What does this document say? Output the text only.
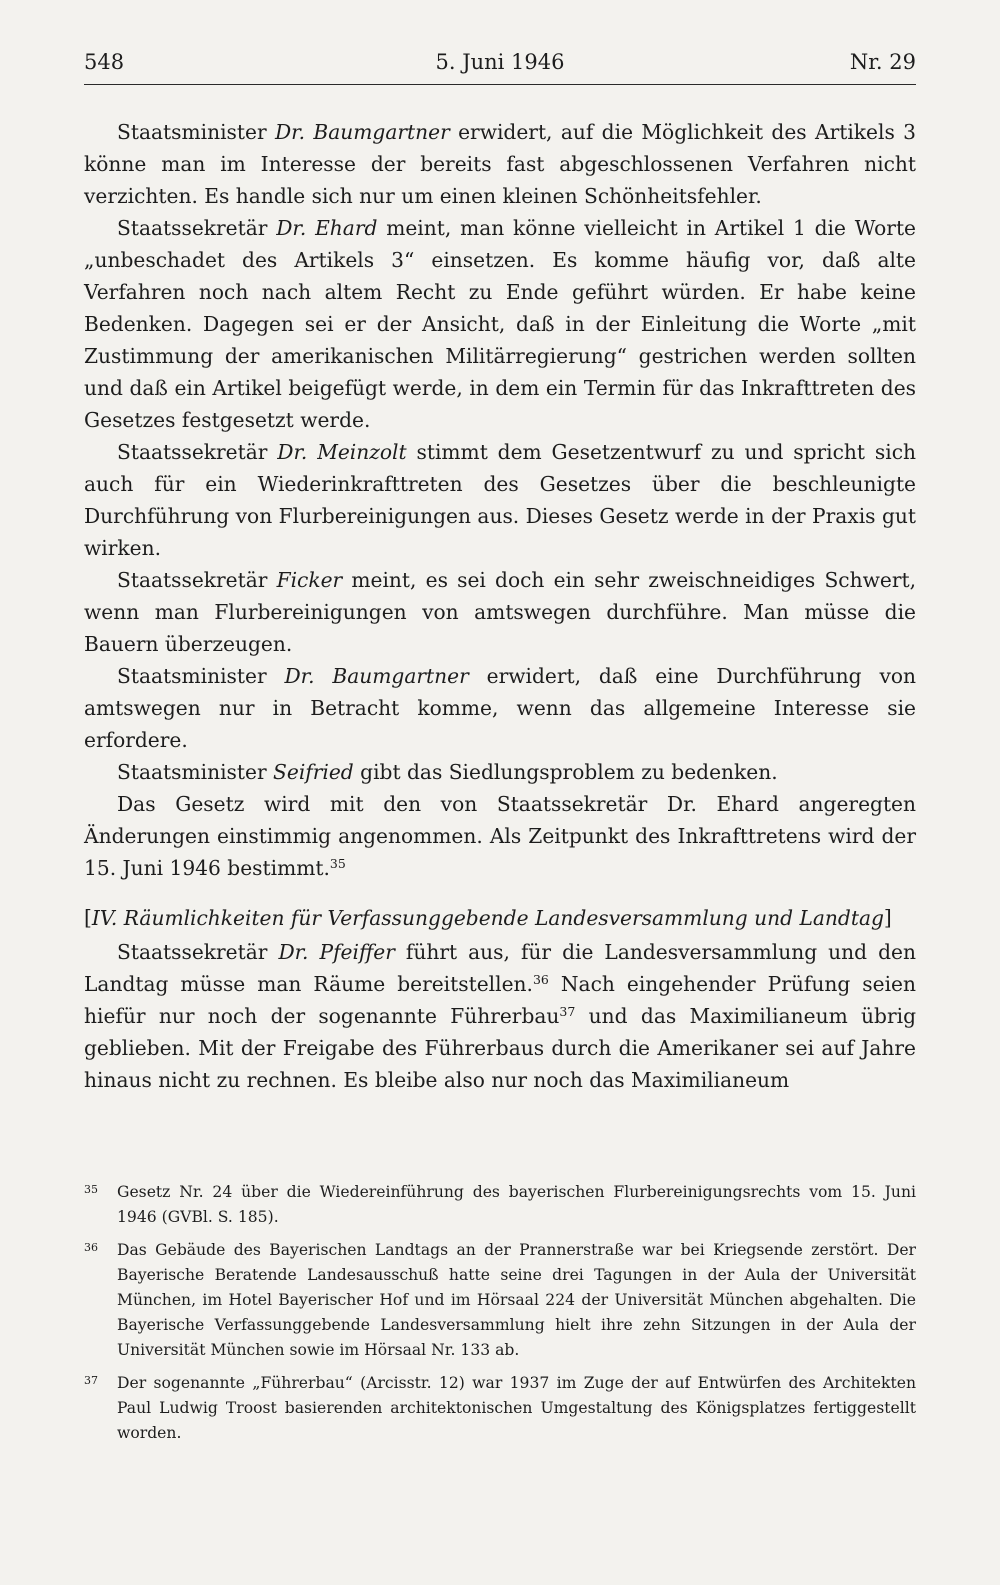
548	5. Juni 1946	Nr. 29

Staatsminister Dr. Baumgartner erwidert, auf die Möglichkeit des Artikels 3 könne man im Interesse der bereits fast abgeschlossenen Verfahren nicht verzichten. Es handle sich nur um einen kleinen Schönheitsfehler.

Staatssekretär Dr. Ehard meint, man könne vielleicht in Artikel 1 die Worte „unbeschadet des Artikels 3“ einsetzen. Es komme häufig vor, daß alte Verfahren noch nach altem Recht zu Ende geführt würden. Er habe keine Bedenken. Dagegen sei er der Ansicht, daß in der Einleitung die Worte „mit Zustimmung der amerikanischen Militärregierung“ gestrichen werden sollten und daß ein Artikel beigefügt werde, in dem ein Termin für das Inkrafttreten des Gesetzes festgesetzt werde.

Staatssekretär Dr. Meinzolt stimmt dem Gesetzentwurf zu und spricht sich auch für ein Wiederinkrafttreten des Gesetzes über die beschleunigte Durchführung von Flurbereinigungen aus. Dieses Gesetz werde in der Praxis gut wirken.

Staatssekretär Ficker meint, es sei doch ein sehr zweischneidiges Schwert, wenn man Flurbereinigungen von amtswegen durchführe. Man müsse die Bauern überzeugen.

Staatsminister Dr. Baumgartner erwidert, daß eine Durchführung von amtswegen nur in Betracht komme, wenn das allgemeine Interesse sie erfordere.

Staatsminister Seifried gibt das Siedlungsproblem zu bedenken.

Das Gesetz wird mit den von Staatssekretär Dr. Ehard angeregten Änderungen einstimmig angenommen. Als Zeitpunkt des Inkrafttretens wird der 15. Juni 1946 bestimmt.$^{35}$

[IV. Räumlichkeiten für Verfassunggebende Landesversammlung und Landtag]

Staatssekretär Dr. Pfeiffer führt aus, für die Landesversammlung und den Landtag müsse man Räume bereitstellen.$^{36}$ Nach eingehender Prüfung seien hiefür nur noch der sogenannte Führerbau$^{37}$ und das Maximilianeum übrig geblieben. Mit der Freigabe des Führerbaus durch die Amerikaner sei auf Jahre hinaus nicht zu rechnen. Es bleibe also nur noch das Maximilianeum

35 Gesetz Nr. 24 über die Wiedereinführung des bayerischen Flurbereinigungsrechts vom 15. Juni 1946 (GVBl. S. 185).
36 Das Gebäude des Bayerischen Landtags an der Prannerstraße war bei Kriegsende zerstört. Der Bayerische Beratende Landesausschuß hatte seine drei Tagungen in der Aula der Universität München, im Hotel Bayerischer Hof und im Hörsaal 224 der Universität München abgehalten. Die Bayerische Verfassunggebende Landesversammlung hielt ihre zehn Sitzungen in der Aula der Universität München sowie im Hörsaal Nr. 133 ab.
37 Der sogenannte „Führerbau“ (Arcisstr. 12) war 1937 im Zuge der auf Entwürfen des Architekten Paul Ludwig Troost basierenden architektonischen Umgestaltung des Königsplatzes fertiggestellt worden.
